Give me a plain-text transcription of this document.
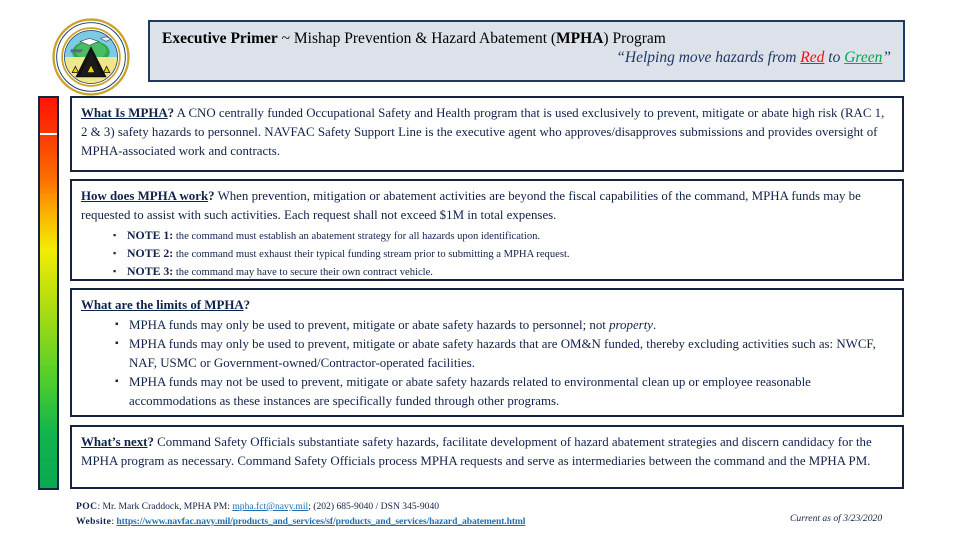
Executive Primer ~ Mishap Prevention & Hazard Abatement (MPHA) Program
“Helping move hazards from Red to Green”
What Is MPHA? A CNO centrally funded Occupational Safety and Health program that is used exclusively to prevent, mitigate or abate high risk (RAC 1, 2 & 3) safety hazards to personnel. NAVFAC Safety Support Line is the executive agent who approves/disapproves submissions and provides oversight of MPHA-associated work and contracts.
How does MPHA work? When prevention, mitigation or abatement activities are beyond the fiscal capabilities of the command, MPHA funds may be requested to assist with such activities. Each request shall not exceed $1M in total expenses.
▪ NOTE 1: the command must establish an abatement strategy for all hazards upon identification.
▪ NOTE 2: the command must exhaust their typical funding stream prior to submitting a MPHA request.
▪ NOTE 3: the command may have to secure their own contract vehicle.
What are the limits of MPHA?
▪ MPHA funds may only be used to prevent, mitigate or abate safety hazards to personnel; not property.
▪ MPHA funds may only be used to prevent, mitigate or abate safety hazards that are OM&N funded, thereby excluding activities such as: NWCF, NAF, USMC or Government-owned/Contractor-operated facilities.
▪ MPHA funds may not be used to prevent, mitigate or abate safety hazards related to environmental clean up or employee reasonable accommodations as these instances are specifically funded through other programs.
What’s next? Command Safety Officials substantiate safety hazards, facilitate development of hazard abatement strategies and discern candidacy for the MPHA program as necessary. Command Safety Officials process MPHA requests and serve as intermediaries between the command and the MPHA PM.
POC: Mr. Mark Craddock, MPHA PM: mpha.fct@navy.mil; (202) 685-9040 / DSN 345-9040
Website: https://www.navfac.navy.mil/products_and_services/sf/products_and_services/hazard_abatement.html	Current as of 3/23/2020
